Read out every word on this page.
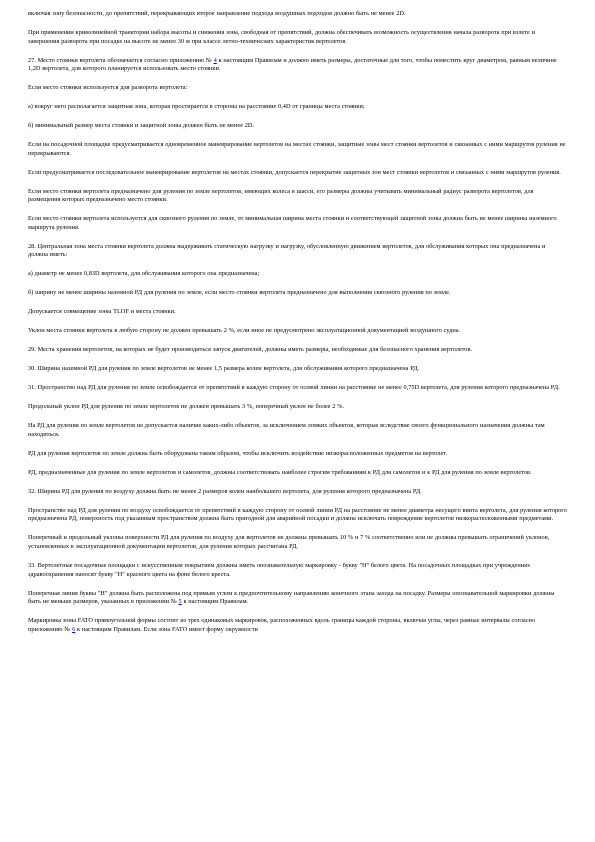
включая зону безопасности, до препятствий, перекрывающих второе направление подхода воздушных подходов должно быть не менее 2D.

При применении криволинейной траектории набора высоты и снижения зона, свободная от препятствий, должна обеспечивать возможность осуществления начала разворота при взлете и завершения разворота при посадке на высоте не менее 30 м при классе летно-технических характеристик вертолетов.

27. Место стоянки вертолета обозначается согласно приложению № 4 к настоящим Правилам и должно иметь размеры, достаточные для того, чтобы поместить круг диаметром, равным величине 1,2D вертолета, для которого планируется использовать место стоянки.

Если место стоянки используется для разворота вертолета:

а) вокруг него располагается защитная зона, которая простирается в стороны на расстояние 0,4D от границы места стоянки;

б) минимальный размер места стоянки и защитной зоны должен быть не менее 2D.

Если на посадочной площадке предусматривается одновременное маневрирование вертолетов на местах стоянки, защитные зоны мест стоянки вертолетов и связанных с ними маршрутов руления не перекрываются.

Если предусматривается последовательное маневрирование вертолетов на местах стоянки, допускается перекрытие защитных зон мест стоянки вертолетов и связанных с ними маршрутов руления.

Если место стоянки вертолета предназначено для руления по земле вертолетов, имеющих колеса в шасси, его размеры должны учитывать минимальный радиус разворота вертолетов, для размещения которых предназначено место стоянки.

Если место стоянки вертолета используется для сквозного руления по земле, то минимальная ширина места стоянки и соответствующей защитной зоны должна быть не менее ширины наземного маршрута руления.

28. Центральная зона места стоянки вертолета должна выдерживать статическую нагрузку и нагрузку, обусловленную движением вертолетов, для обслуживания которых она предназначена и должна иметь:

а) диаметр не менее 0,83D вертолета, для обслуживания которого она предназначена;

б) ширину не менее ширины наземной РД для руления по земле, если место стоянки вертолета предназначено для выполнения сквозного руления по земле.

Допускается совмещение зоны TLOF и места стоянки.

Уклон места стоянки вертолета в любую сторону не должен превышать 2 %, если иное не предусмотрено эксплуатационной документацией воздушного судна.

29. Места хранения вертолетов, на которых не будет производиться запуск двигателей, должны иметь размеры, необходимые для безопасного хранения вертолетов.

30. Ширина наземной РД для руления по земле вертолетов не менее 1,5 размера колеи вертолета, для обслуживания которого предназначена РД.

31. Пространство над РД для руления по земле освобождается от препятствий в каждую сторону от осевой линии на расстояние не менее 0,75D вертолета, для руления которого предназначена РД.

Продольный уклон РД для руления по земле вертолетов не должен превышать 3 %, поперечный уклон не более 2 %.

На РД для руления по земле вертолетов не допускается наличие каких-либо объектов, за исключением ломких объектов, которые вследствие своего функционального назначения должны там находиться.

РД для руления вертолетов по земле должна быть оборудована таким образом, чтобы исключить воздействие низкорасположенных предметов на вертолет.

РД, предназначенные для руления по земле вертолетов и самолетов, должны соответствовать наиболее строгим требованиям к РД для самолетов и к РД для руления по земле вертолетов.

32. Ширина РД для руления по воздуху должна быть не менее 2 размеров колеи наибольшего вертолета, для руления которого предназначена РД.

Пространство над РД для руления по воздуху освобождается от препятствий в каждую сторону от осевой линии РД на расстояние не менее диаметра несущего винта вертолета, для руления которого предназначена РД, поверхность под указанным пространством должна быть пригодной для аварийной посадки и должна исключать повреждение вертолетов низкорасположенными предметами.

Поперечный и продольный уклоны поверхности РД для руления по воздуху для вертолетов не должны превышать 10 % и 7 % соответственно или не должны превышать ограничений уклонов, установленных в эксплуатационной документации вертолетов, для руления которых рассчитана РД.

33. Вертолетные посадочные площадки с искусственным покрытием должны иметь опознавательную маркировку - букву "H" белого цвета. На посадочных площадках при учреждениях здравоохранения наносят букву "H" красного цвета на фоне белого креста.

Поперечная линия буквы "H" должна быть расположена под прямым углом к предпочтительному направлению конечного этапа захода на посадку. Размеры опознавательной маркировки должны быть не меньше размеров, указанных в приложении № 5 к настоящим Правилам.

Маркировка зоны FATO прямоугольной формы состоит из трех одинаковых маркировок, расположенных вдоль границы каждой стороны, включая углы, через равные интервалы согласно приложению № 6 к настоящим Правилам. Если зона FATO имеет форму окружности
